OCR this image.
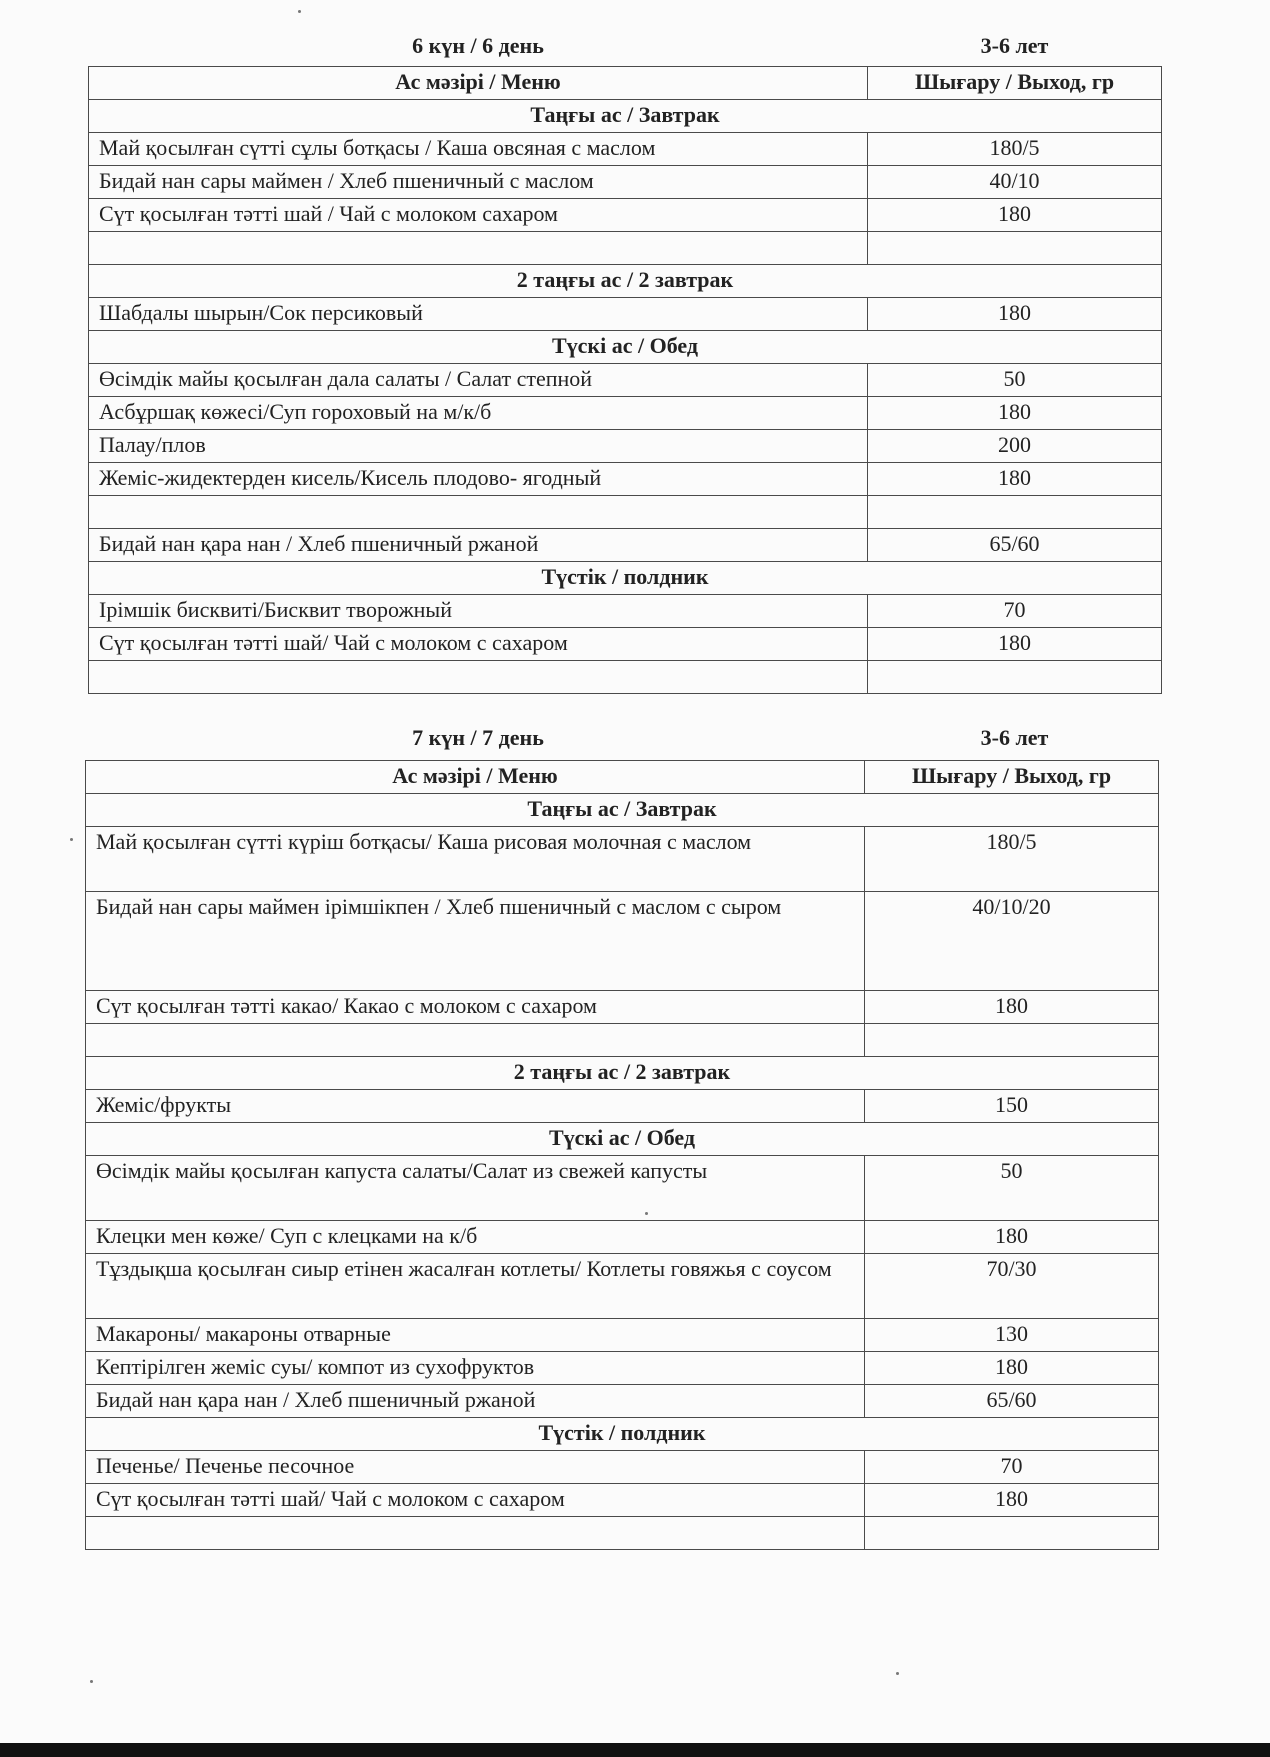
6 күн / 6 день	3-6 лет
Ас мәзірі / Меню	Шығару / Выход, гр
Таңғы ас / Завтрак	
Май қосылған сүтті сұлы ботқасы / Каша овсяная с маслом	180/5
Бидай нан сары маймен / Хлеб пшеничный с маслом	40/10
Сүт қосылған тәтті шай / Чай с молоком сахаром	180

2 таңғы ас / 2 завтрак	
Шабдалы шырын/Сок персиковый	180
Түскі ас / Обед	
Өсімдік майы қосылған дала салаты / Салат степной	50
Асбұршақ көжесі/Суп гороховый на м/к/б	180
Палау/плов	200
Жеміс-жидектерден кисель/Кисель плодово- ягодный	180

Бидай нан қара нан / Хлеб пшеничный ржаной	65/60
Түстік / полдник	
Ірімшік бисквиті/Бисквит творожный	70
Сүт қосылған тәтті шай/ Чай с молоком с сахаром	180

7 күн / 7 день	3-6 лет
Ас мәзірі / Меню	Шығару / Выход, гр
Таңғы ас / Завтрак	
Май қосылған сүтті күріш ботқасы/ Каша рисовая молочная с маслом	180/5
Бидай нан сары маймен ірімшікпен / Хлеб пшеничный с маслом с сыром	40/10/20
Сүт қосылған тәтті какао/ Какао с молоком с сахаром	180

2 таңғы ас / 2 завтрак	
Жеміс/фрукты	150
Түскі ас / Обед	
Өсімдік майы қосылған капуста салаты/Салат из свежей капусты	50
Клецки мен көже/ Суп с клецками на к/б	180
Тұздықша қосылған сиыр етінен жасалған котлеты/ Котлеты говяжья с соусом	70/30
Макароны/ макароны отварные	130
Кептірілген жеміс суы/ компот из сухофруктов	180
Бидай нан қара нан / Хлеб пшеничный ржаной	65/60
Түстік / полдник	
Печенье/ Печенье песочное	70
Сүт қосылған тәтті шай/ Чай с молоком с сахаром	180
